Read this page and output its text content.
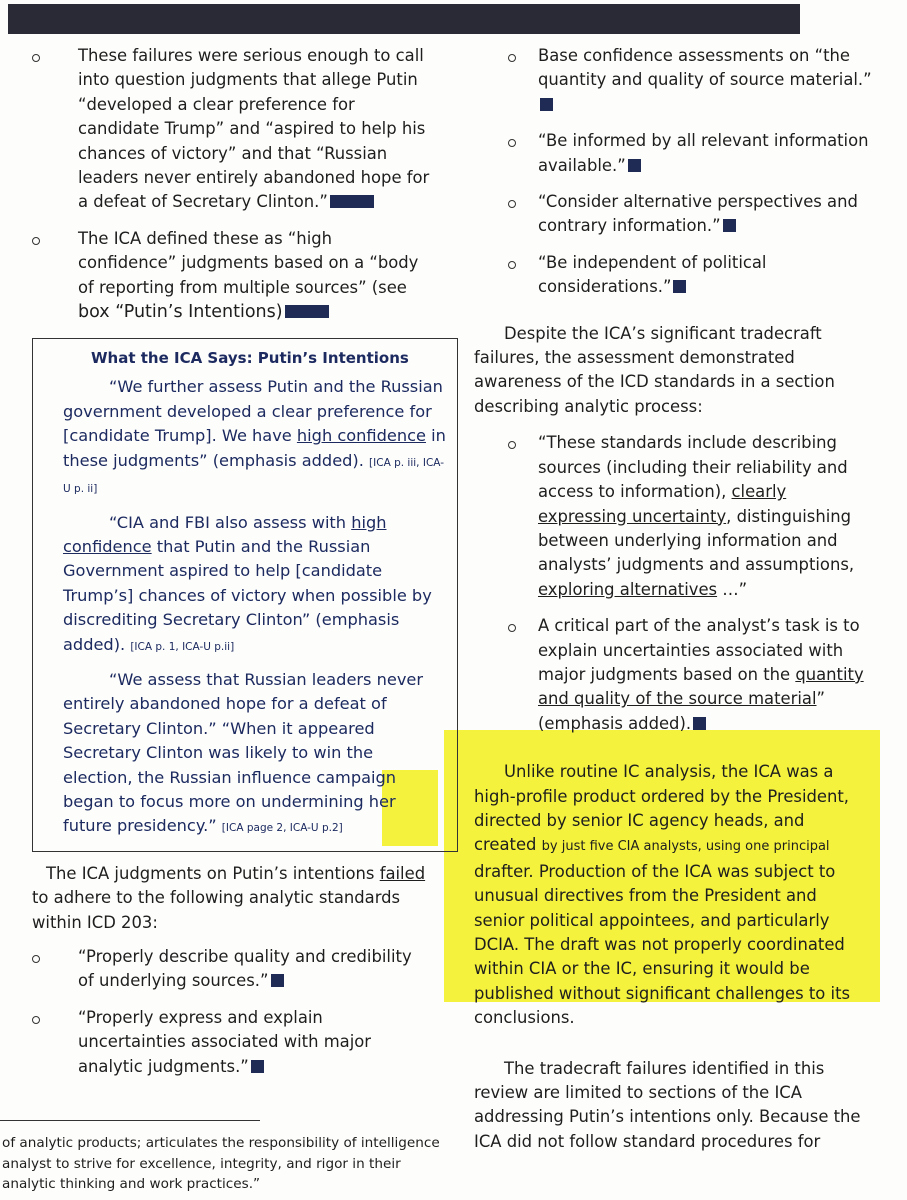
These failures were serious enough to call into question judgments that allege Putin “developed a clear preference for candidate Trump” and “aspired to help his chances of victory” and that “Russian leaders never entirely abandoned hope for a defeat of Secretary Clinton.”
The ICA defined these as “high confidence” judgments based on a “body of reporting from multiple sources” (see box “Putin’s Intentions)
What the ICA Says: Putin’s Intentions
“We further assess Putin and the Russian government developed a clear preference for [candidate Trump]. We have high confidence in these judgments” (emphasis added). [ICA p. iii, ICA-U p. ii]
“CIA and FBI also assess with high confidence that Putin and the Russian Government aspired to help [candidate Trump’s] chances of victory when possible by discrediting Secretary Clinton” (emphasis added). [ICA p. 1, ICA-U p.ii]
“We assess that Russian leaders never entirely abandoned hope for a defeat of Secretary Clinton.” “When it appeared Secretary Clinton was likely to win the election, the Russian influence campaign began to focus more on undermining her future presidency.” [ICA page 2, ICA-U p.2]
The ICA judgments on Putin’s intentions failed to adhere to the following analytic standards within ICD 203:
“Properly describe quality and credibility of underlying sources.”
“Properly express and explain uncertainties associated with major analytic judgments.”
of analytic products; articulates the responsibility of intelligence analyst to strive for excellence, integrity, and rigor in their analytic thinking and work practices.”
Base confidence assessments on “the quantity and quality of source material.”
“Be informed by all relevant information available.”
“Consider alternative perspectives and contrary information.”
“Be independent of political considerations.”
Despite the ICA’s significant tradecraft failures, the assessment demonstrated awareness of the ICD standards in a section describing analytic process:
“These standards include describing sources (including their reliability and access to information), clearly expressing uncertainty, distinguishing between underlying information and analysts’ judgments and assumptions, exploring alternatives …”
A critical part of the analyst’s task is to explain uncertainties associated with major judgments based on the quantity and quality of the source material” (emphasis added).
Unlike routine IC analysis, the ICA was a high-profile product ordered by the President, directed by senior IC agency heads, and created by just five CIA analysts, using one principal drafter. Production of the ICA was subject to unusual directives from the President and senior political appointees, and particularly DCIA. The draft was not properly coordinated within CIA or the IC, ensuring it would be published without significant challenges to its conclusions.
The tradecraft failures identified in this review are limited to sections of the ICA addressing Putin’s intentions only. Because the ICA did not follow standard procedures for
